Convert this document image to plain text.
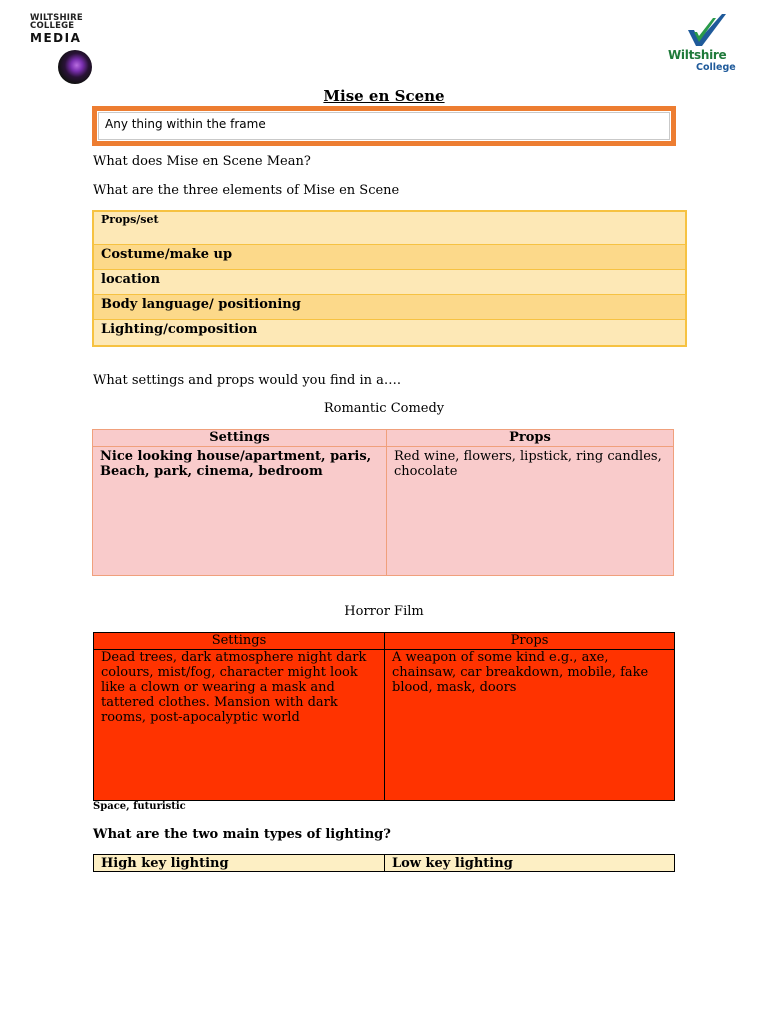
WILTSHIRE
COLLEGE
MEDIA
Wiltshire
College
Mise en Scene
Any thing within the frame
What does Mise en Scene Mean?
What are the three elements of Mise en Scene
Props/set
Costume/make up
location
Body language/ positioning
Lighting/composition
What settings and props would you find in a….
Romantic Comedy
Settings	Props
Nice looking house/apartment, paris, Beach, park, cinema, bedroom	Red wine, flowers, lipstick, ring candles, chocolate
Horror Film
Settings	Props
Dead trees, dark atmosphere night dark colours, mist/fog, character might look like a clown or wearing a mask and tattered clothes. Mansion with dark rooms, post-apocalyptic world	A weapon of some kind e.g., axe, chainsaw, car breakdown, mobile, fake blood, mask, doors
Space, futuristic
What are the two main types of lighting?
High key lighting	Low key lighting
